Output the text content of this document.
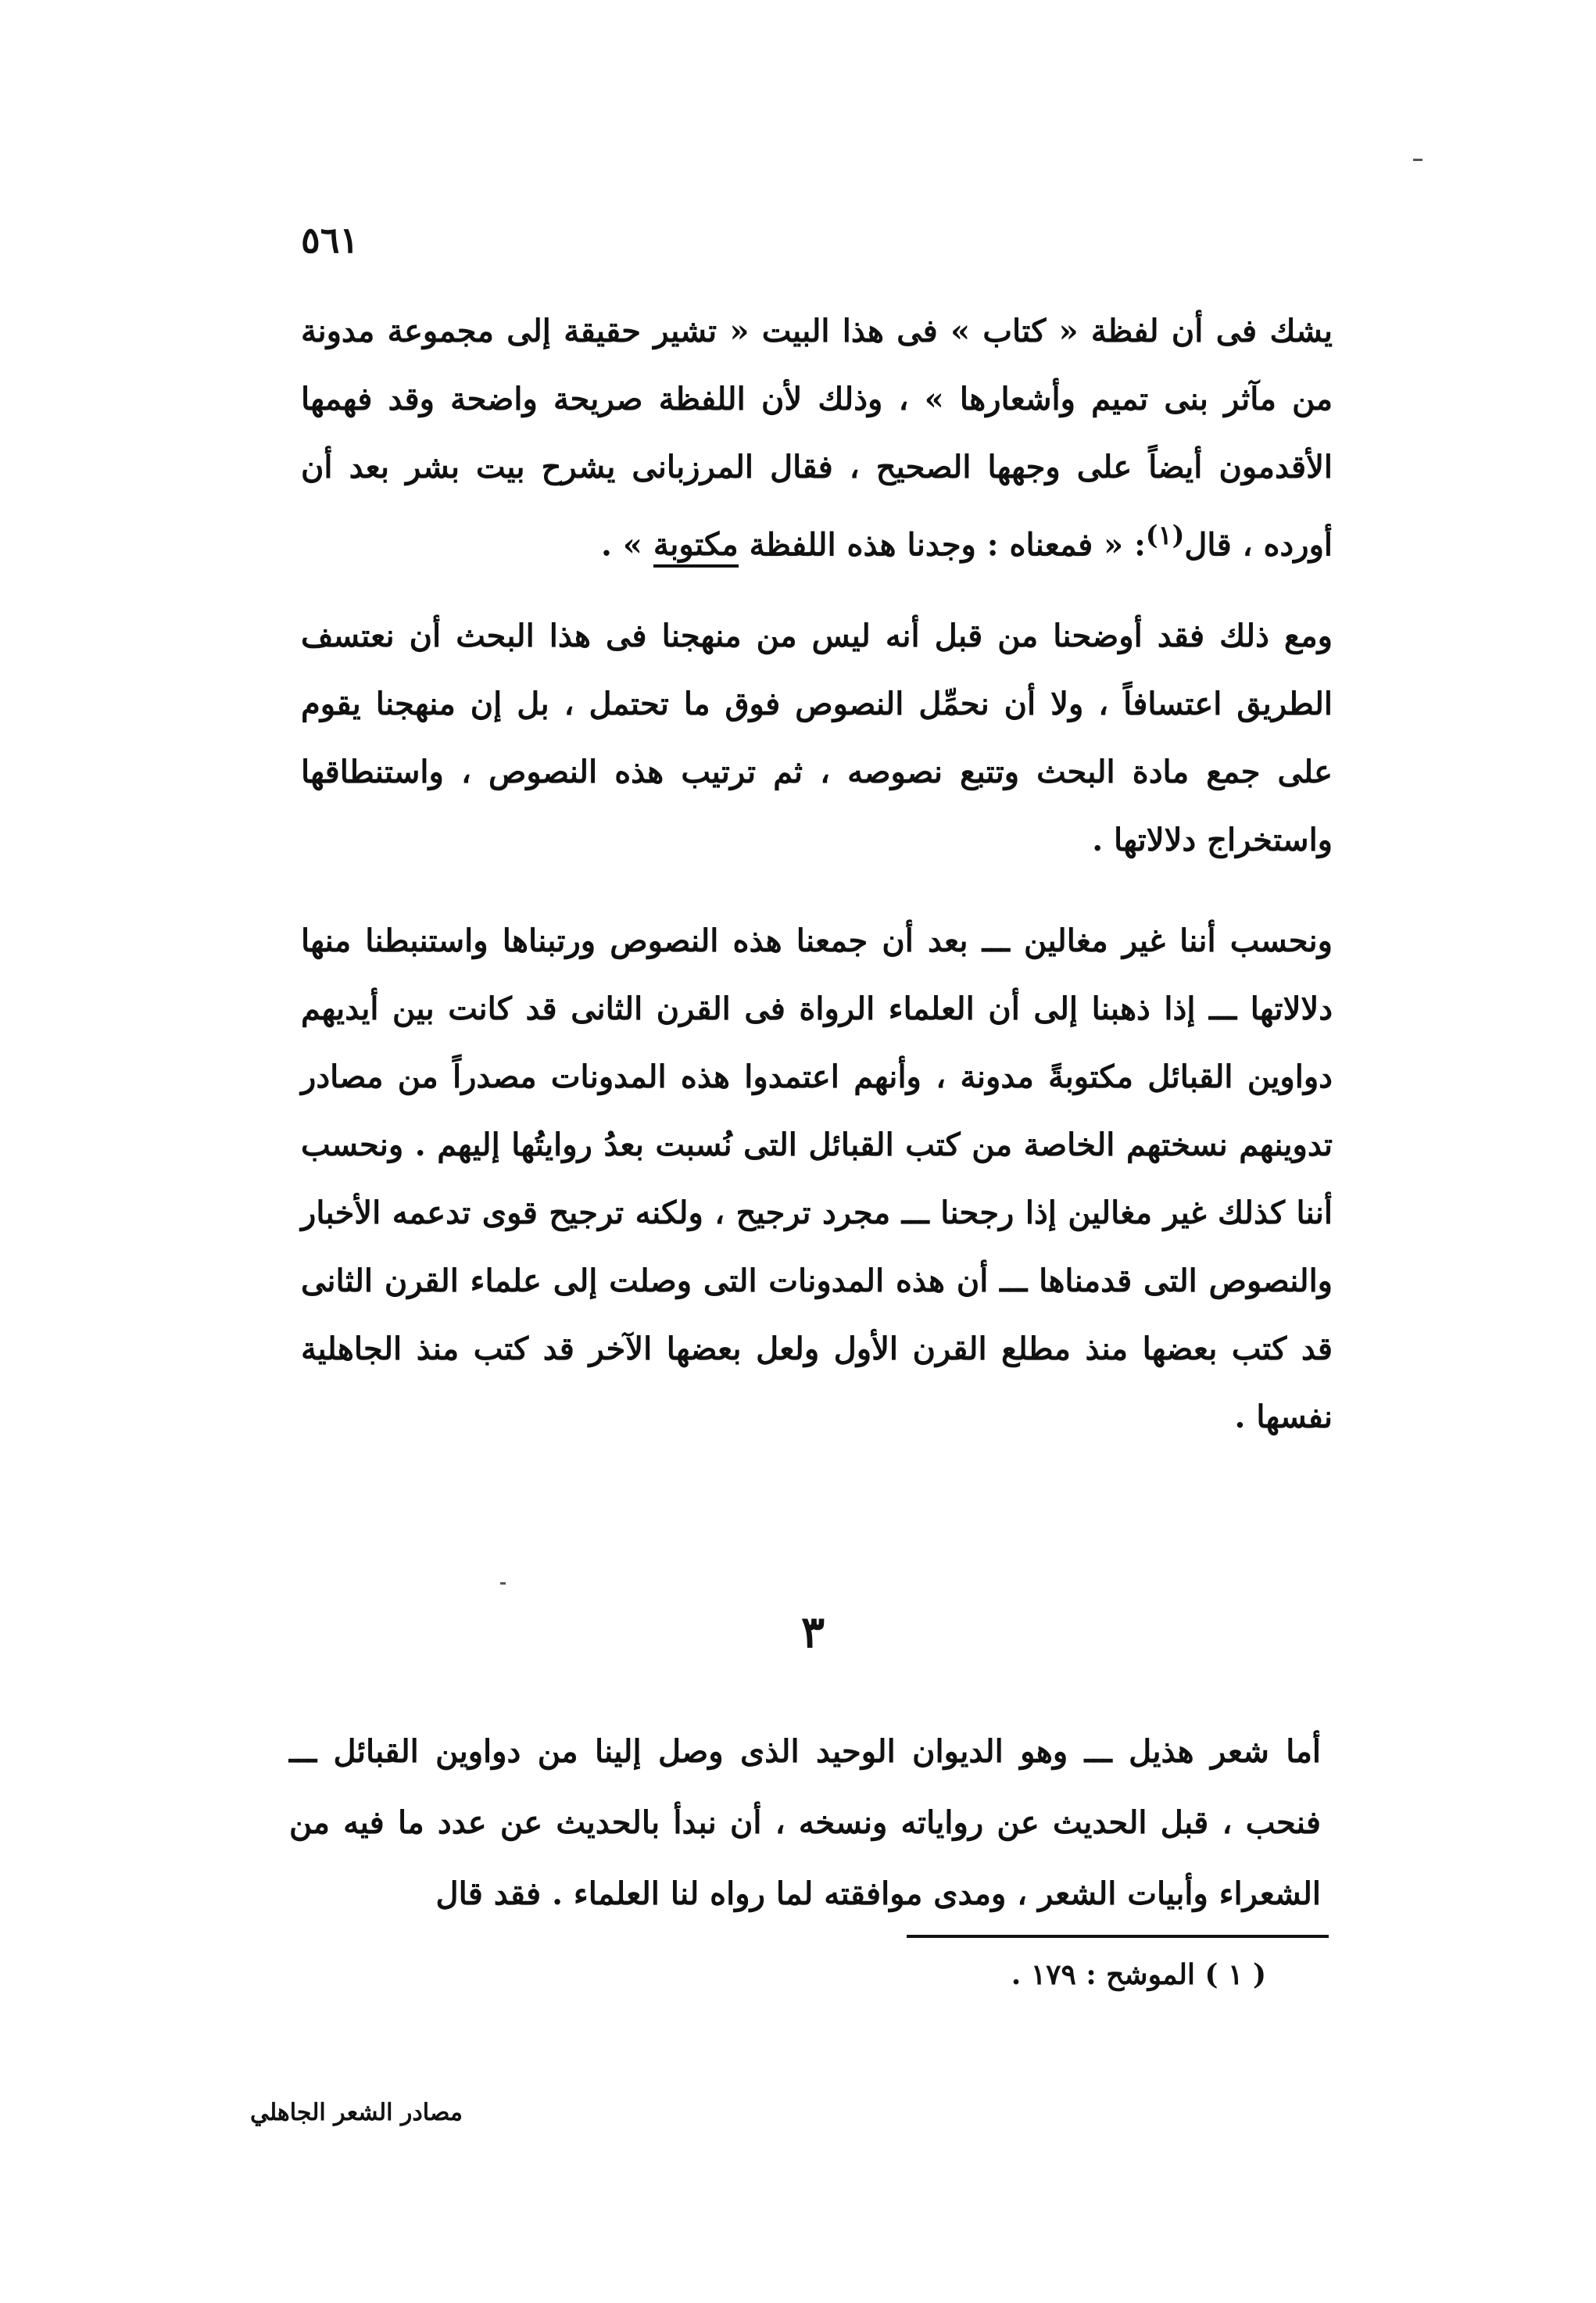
٥٦١

يشك فى أن لفظة « كتاب » فى هذا البيت « تشير حقيقة إلى مجموعة مدونة من مآثر بنى تميم وأشعارها » ، وذلك لأن اللفظة صريحة واضحة وقد فهمها الأقدمون أيضاً على وجهها الصحيح ، فقال المرزبانى يشرح بيت بشر بعد أن أورده ، قال$^{(١)}$: « فمعناه : وجدنا هذه اللفظة مكتوبة » .

ومع ذلك فقد أوضحنا من قبل أنه ليس من منهجنا فى هذا البحث أن نعتسف الطريق اعتسافاً ، ولا أن نحمِّل النصوص فوق ما تحتمل ، بل إن منهجنا يقوم على جمع مادة البحث وتتبع نصوصه ، ثم ترتيب هذه النصوص ، واستنطاقها واستخراج دلالاتها .

ونحسب أننا غير مغالين ـــ بعد أن جمعنا هذه النصوص ورتبناها واستنبطنا منها دلالاتها ـــ إذا ذهبنا إلى أن العلماء الرواة فى القرن الثانى قد كانت بين أيديهم دواوين القبائل مكتوبةً مدونة ، وأنهم اعتمدوا هذه المدونات مصدراً من مصادر تدوينهم نسختهم الخاصة من كتب القبائل التى نُسبت بعدُ روايتُها إليهم . ونحسب أننا كذلك غير مغالين إذا رجحنا ـــ مجرد ترجيح ، ولكنه ترجيح قوى تدعمه الأخبار والنصوص التى قدمناها ـــ أن هذه المدونات التى وصلت إلى علماء القرن الثانى قد كتب بعضها منذ مطلع القرن الأول ولعل بعضها الآخر قد كتب منذ الجاهلية نفسها .

٣

أما شعر هذيل ـــ وهو الديوان الوحيد الذى وصل إلينا من دواوين القبائل ـــ فنحب ، قبل الحديث عن رواياته ونسخه ، أن نبدأ بالحديث عن عدد ما فيه من الشعراء وأبيات الشعر ، ومدى موافقته لما رواه لنا العلماء . فقد قال

( ١ ) الموشح : ١٧٩ .
مصادر الشعر الجاهلي
